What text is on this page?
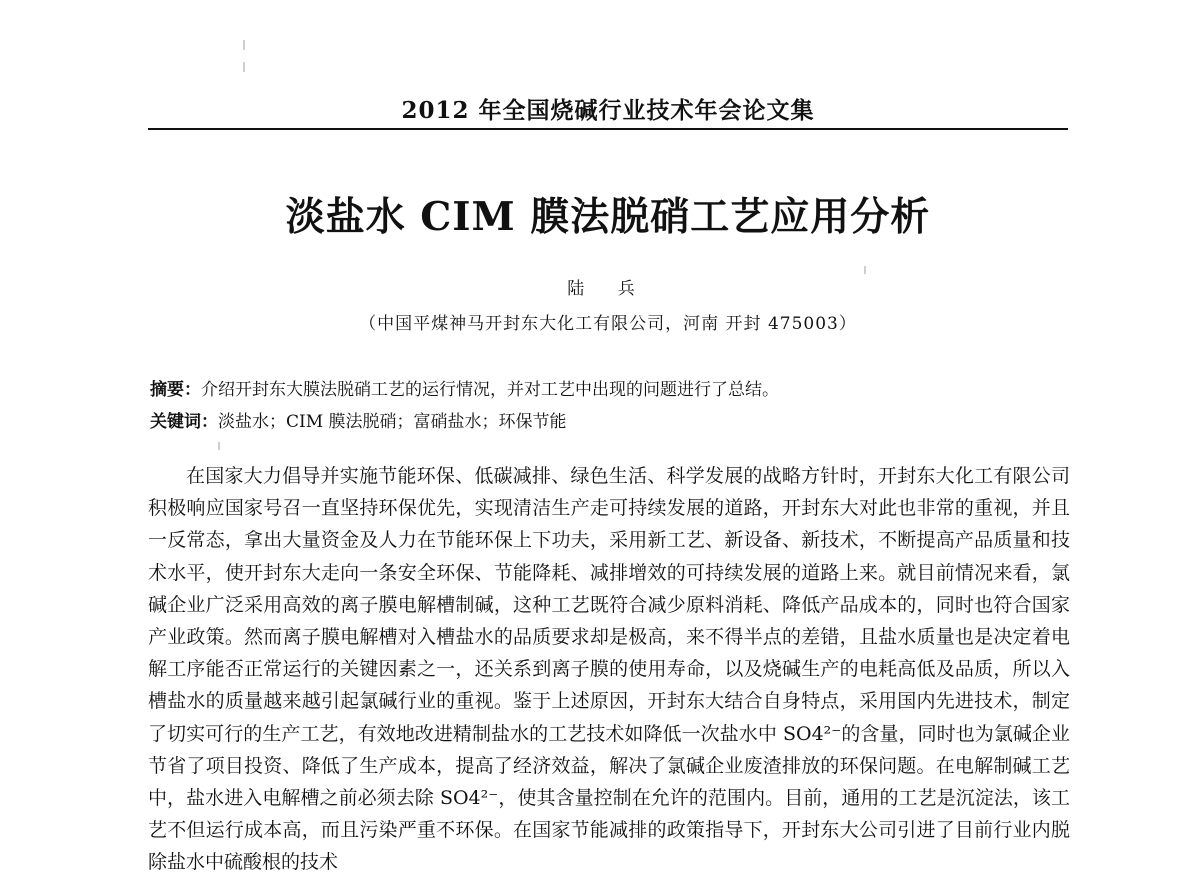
2012 年全国烧碱行业技术年会论文集
淡盐水 CIM 膜法脱硝工艺应用分析
陆 兵
（中国平煤神马开封东大化工有限公司，河南 开封 475003）
摘要：介绍开封东大膜法脱硝工艺的运行情况，并对工艺中出现的问题进行了总结。
关键词：淡盐水；CIM 膜法脱硝；富硝盐水；环保节能

在国家大力倡导并实施节能环保、低碳减排、绿色生活、科学发展的战略方针时，开封东大化工有限公司积极响应国家号召一直坚持环保优先，实现清洁生产走可持续发展的道路，开封东大对此也非常的重视，并且一反常态，拿出大量资金及人力在节能环保上下功夫，采用新工艺、新设备、新技术，不断提高产品质量和技术水平，使开封东大走向一条安全环保、节能降耗、减排增效的可持续发展的道路上来。就目前情况来看，氯碱企业广泛采用高效的离子膜电解槽制碱，这种工艺既符合减少原料消耗、降低产品成本的，同时也符合国家产业政策。然而离子膜电解槽对入槽盐水的品质要求却是极高，来不得半点的差错，且盐水质量也是决定着电解工序能否正常运行的关键因素之一，还关系到离子膜的使用寿命，以及烧碱生产的电耗高低及品质，所以入槽盐水的质量越来越引起氯碱行业的重视。鉴于上述原因，开封东大结合自身特点，采用国内先进技术，制定了切实可行的生产工艺，有效地改进精制盐水的工艺技术如降低一次盐水中 SO4²⁻的含量，同时也为氯碱企业节省了项目投资、降低了生产成本，提高了经济效益，解决了氯碱企业废渣排放的环保问题。在电解制碱工艺中，盐水进入电解槽之前必须去除 SO4²⁻，使其含量控制在允许的范围内。目前，通用的工艺是沉淀法，该工艺不但运行成本高，而且污染严重不环保。在国家节能减排的政策指导下，开封东大公司引进了目前行业内脱除盐水中硫酸根的技术
